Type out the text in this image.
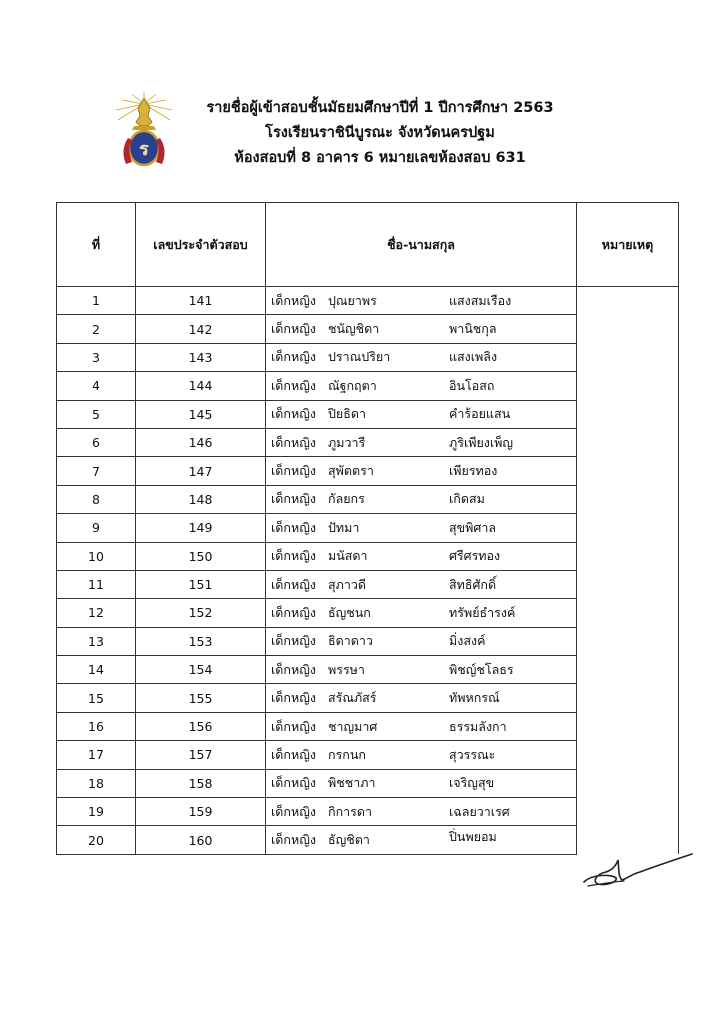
ร
รายชื่อผู้เข้าสอบชั้นมัธยมศึกษาปีที่ 1 ปีการศึกษา 2563
โรงเรียนราชินีบูรณะ จังหวัดนครปฐม
ห้องสอบที่ 8 อาคาร 6 หมายเลขห้องสอบ 631
ที่	เลขประจำตัวสอบ	ชื่อ-นามสกุล	หมายเหตุ
1	141	เด็กหญิง ปุณยาพร แสงสมเรือง	

2	142	เด็กหญิง ชนัญชิดา พานิชกุล	

3	143	เด็กหญิง ปราณปริยา แสงเพลิง	

4	144	เด็กหญิง ณัฐกฤตา อินโอสถ	

5	145	เด็กหญิง ปิยธิดา คำร้อยแสน	

6	146	เด็กหญิง ภูมวารี ภูริเพียงเพ็ญ	

7	147	เด็กหญิง สุพัตตรา เพียรทอง	

8	148	เด็กหญิง กัลยกร เกิดสม	

9	149	เด็กหญิง ปัทมา สุขพิศาล	

10	150	เด็กหญิง มนัสดา ศรีศรทอง	

11	151	เด็กหญิง สุภาวดี สิทธิศักดิ์	

12	152	เด็กหญิง ธัญชนก ทรัพย์ธำรงค์	

13	153	เด็กหญิง ธิดาดาว มิ่งสงค์	

14	154	เด็กหญิง พรรษา พิชญ์ชโลธร	

15	155	เด็กหญิง สรัณภัสร์ ทัพหกรณ์	

16	156	เด็กหญิง ชาญมาศ ธรรมลังกา	

17	157	เด็กหญิง กรกนก สุวรรณะ	

18	158	เด็กหญิง พิชชาภา เจริญสุข	

19	159	เด็กหญิง กิการดา เฉลยวาเรศ	

20	160	เด็กหญิง ธัญชิตา ปิ่นพยอม	
